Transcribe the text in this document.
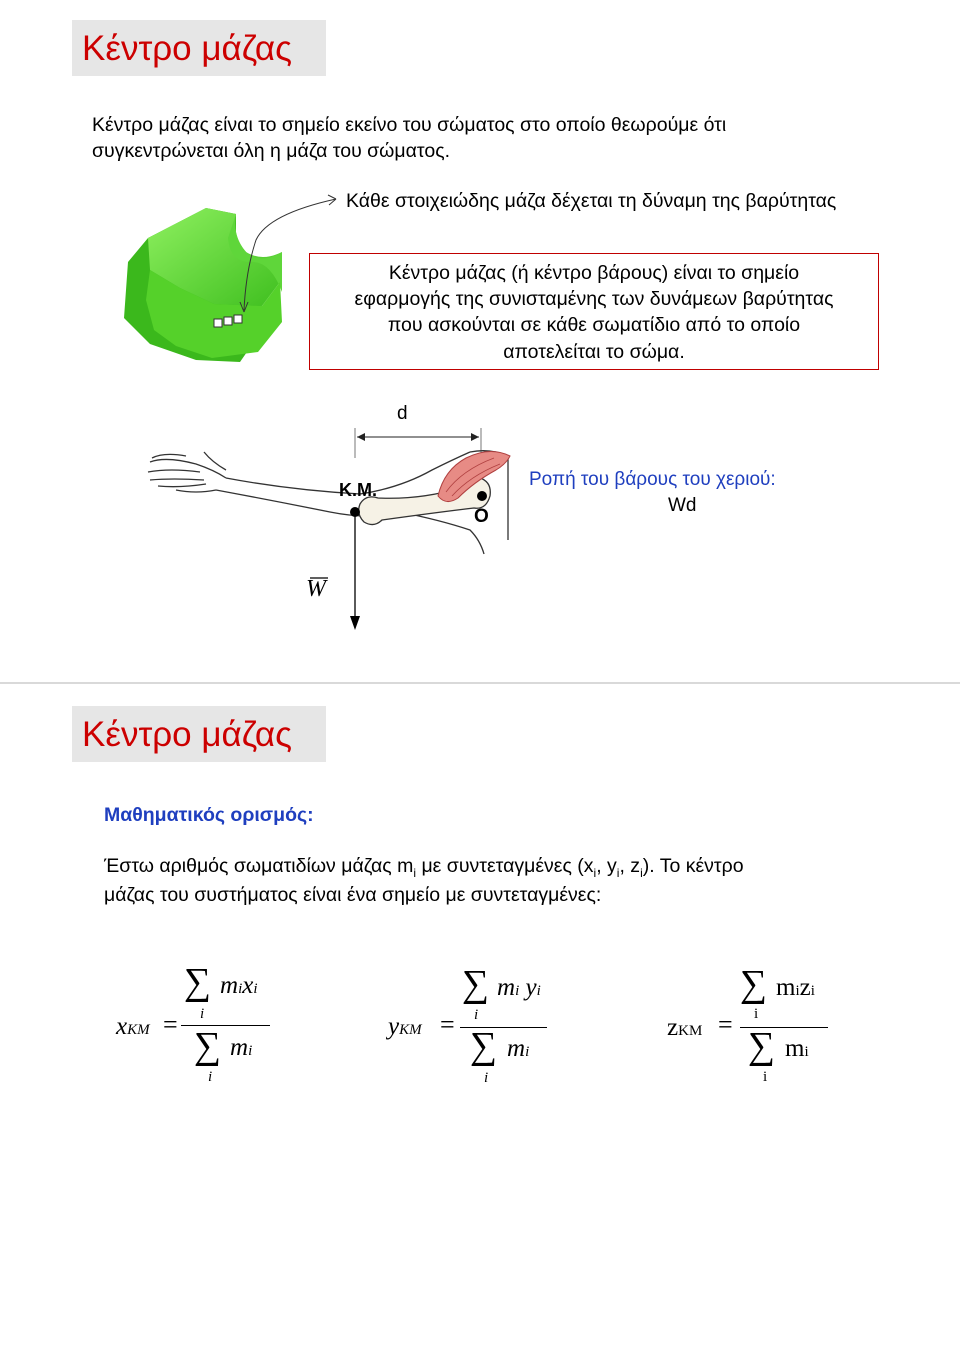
Κέντρο μάζας
Κέντρο μάζας είναι το σημείο εκείνο του σώματος στο οποίο θεωρούμε ότι
συγκεντρώνεται όλη η μάζα του σώματος.
Κάθε στοιχειώδης μάζα δέχεται τη δύναμη της βαρύτητας

Κέντρο μάζας (ή κέντρο βάρους) είναι το σημείο

εφαρμογής της συνισταμένης των δυνάμεων βαρύτητας

που ασκούνται σε κάθε σωματίδιο από το οποίο

αποτελείται το σώμα.

d
Κ.Μ.
O
W
Ροπή του βάρους του χεριού:
Wd
Κέντρο μάζας
Μαθηματικός ορισμός:
Έστω αριθμός σωματιδίων μάζας $m_i$ με συντεταγμένες ($x_i$, $y_i$, $z_i$). Το κέντρο
μάζας του συστήματος είναι ένα σημείο με συντεταγμένες:
xKM =
∑ mixi
i
∑ mi
i
yKM =
∑ mi yi
i
∑ mi
i
zKM =
∑ mizi
i
∑ mi
i
